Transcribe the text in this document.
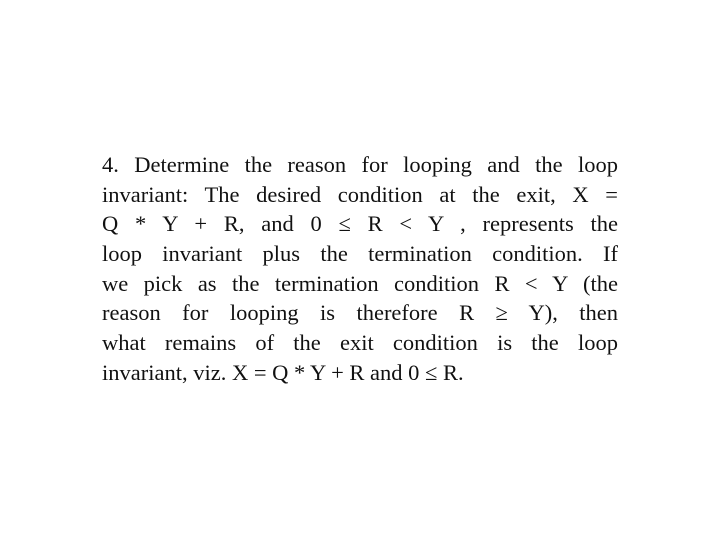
4. Determine the reason for looping and the loop
invariant: The desired condition at the exit, X =
Q * Y + R, and 0 ≤ R < Y , represents the
loop invariant plus the termination condition. If
we pick as the termination condition R < Y (the
reason for looping is therefore R ≥ Y), then
what remains of the exit condition is the loop
invariant, viz. X = Q * Y + R and 0 ≤ R.
